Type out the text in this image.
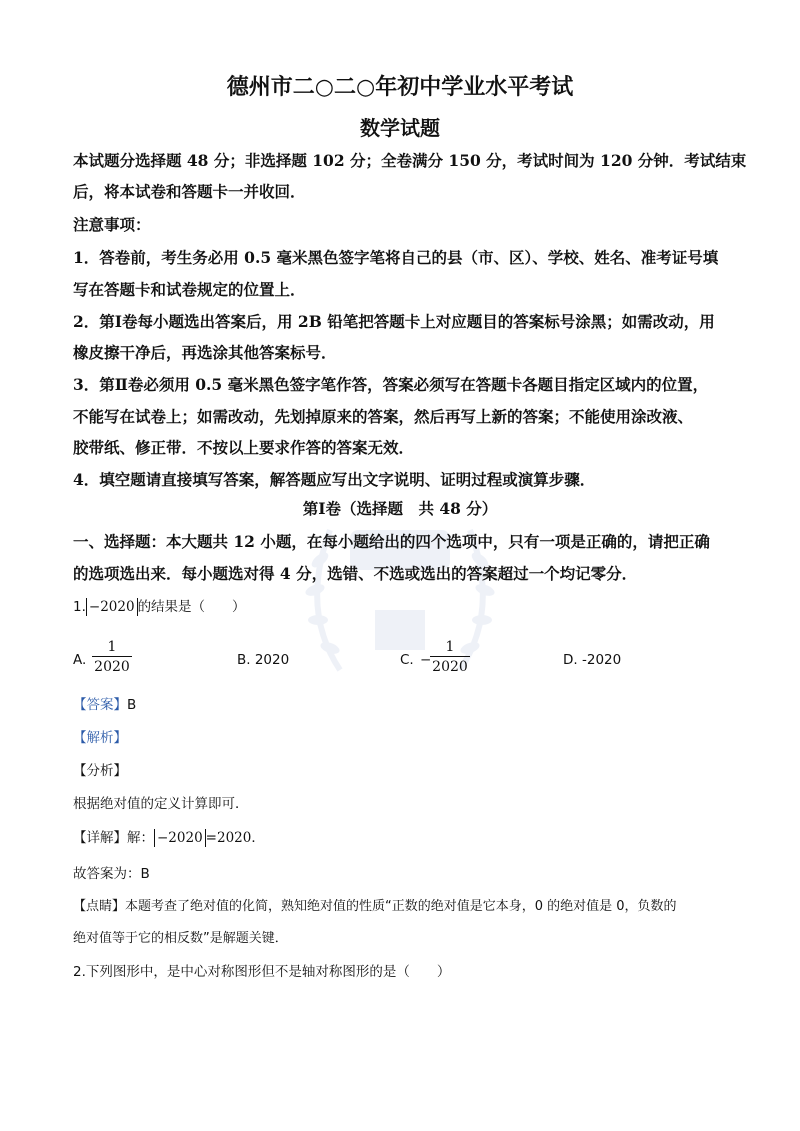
德州市二○二○年初中学业水平考试
数学试题
本试题分选择题 48 分；非选择题 102 分；全卷满分 150 分，考试时间为 120 分钟．考试结束
后，将本试卷和答题卡一并收回．
注意事项：
1．答卷前，考生务必用 0.5 毫米黑色签字笔将自己的县（市、区）、学校、姓名、准考证号填
写在答题卡和试卷规定的位置上．
2．第Ⅰ卷每小题选出答案后，用 2B 铅笔把答题卡上对应题目的答案标号涂黑；如需改动，用
橡皮擦干净后，再选涂其他答案标号．
3．第Ⅱ卷必须用 0.5 毫米黑色签字笔作答，答案必须写在答题卡各题目指定区域内的位置，
不能写在试卷上；如需改动，先划掉原来的答案，然后再写上新的答案；不能使用涂改液、
胶带纸、修正带．不按以上要求作答的答案无效．
4．填空题请直接填写答案，解答题应写出文字说明、证明过程或演算步骤．
第Ⅰ卷（选择题　共 48 分）
一、选择题：本大题共 12 小题，在每小题给出的四个选项中，只有一项是正确的，请把正确
的选项选出来．每小题选对得 4 分，选错、不选或选出的答案超过一个均记零分．
1. −2020 的结果是（　　）
A.
1
2020	B. 2020	C. −
1
2020	D. -2020
【答案】B
【解析】
【分析】
根据绝对值的定义计算即可．
【详解】解： −2020 =2020．
故答案为：B
【点睛】本题考查了绝对值的化简，熟知绝对值的性质“正数的绝对值是它本身，0 的绝对值是 0，负数的
绝对值等于它的相反数”是解题关键．
2.下列图形中，是中心对称图形但不是轴对称图形的是（　　）
